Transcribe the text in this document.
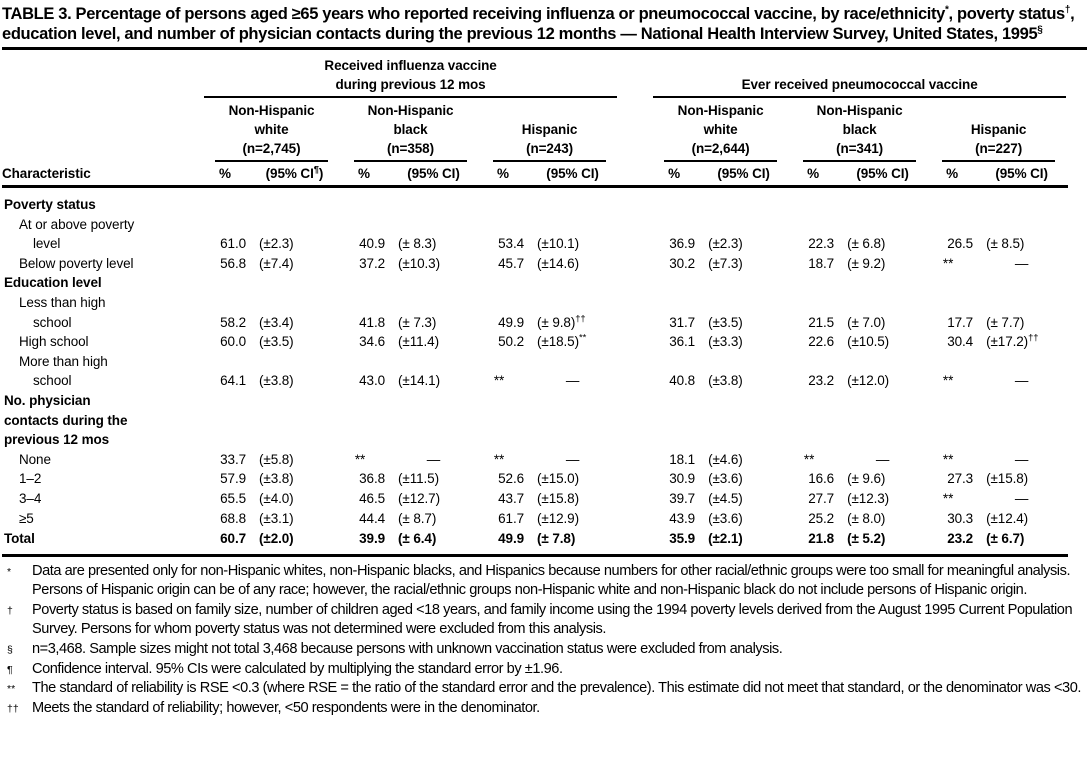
TABLE 3. Percentage of persons aged ≥65 years who reported receiving influenza or pneumococcal vaccine, by race/ethnicity*, poverty status†, education level, and number of physician contacts during the previous 12 months — National Health Interview Survey, United States, 1995§

	Received influenza vaccine
during previous 12 mos							Ever received pneumococcal vaccine					

Non-Hispanic
white
(n=2,745)

Non-Hispanic
black
(n=358)

Hispanic
(n=243)

Non-Hispanic
white
(n=2,644)

Non-Hispanic
black
(n=341)

Hispanic
(n=227)

Characteristic	%	(95% CI¶)	%	(95% CI)	%	(95% CI)		%	(95% CI)	%	(95% CI)	%	(95% CI)

Poverty status													

At or above poverty
level	61.0	(±2.3)	40.9	(± 8.3)	53.4	(±10.1)		36.9	(±2.3)	22.3	(± 6.8)	26.5	(± 8.5)

Below poverty level	56.8	(±7.4)	37.2	(±10.3)	45.7	(±14.6)		30.2	(±7.3)	18.7	(± 9.2)	**	—

Education level													

Less than high
school	58.2	(±3.4)	41.8	(± 7.3)	49.9	(± 9.8)††		31.7	(±3.5)	21.5	(± 7.0)	17.7	(± 7.7)

High school	60.0	(±3.5)	34.6	(±11.4)	50.2	(±18.5)**		36.1	(±3.3)	22.6	(±10.5)	30.4	(±17.2)††

More than high
school	64.1	(±3.8)	43.0	(±14.1)	**	—		40.8	(±3.8)	23.2	(±12.0)	**	—

No. physician
contacts during the
previous 12 mos													

None	33.7	(±5.8)	**	—	**	—		18.1	(±4.6)	**	—	**	—

1–2	57.9	(±3.8)	36.8	(±11.5)	52.6	(±15.0)		30.9	(±3.6)	16.6	(± 9.6)	27.3	(±15.8)

3–4	65.5	(±4.0)	46.5	(±12.7)	43.7	(±15.8)		39.7	(±4.5)	27.7	(±12.3)	**	—

≥5	68.8	(±3.1)	44.4	(± 8.7)	61.7	(±12.9)		43.9	(±3.6)	25.2	(± 8.0)	30.3	(±12.4)

Total	60.7	(±2.0)	39.9	(± 6.4)	49.9	(± 7.8)		35.9	(±2.1)	21.8	(± 5.2)	23.2	(± 6.7)
* Data are presented only for non-Hispanic whites, non-Hispanic blacks, and Hispanics because numbers for other racial/ethnic groups were too small for meaningful analysis. Persons of Hispanic origin can be of any race; however, the racial/ethnic groups non-Hispanic white and non-Hispanic black do not include persons of Hispanic origin.
† Poverty status is based on family size, number of children aged <18 years, and family income using the 1994 poverty levels derived from the August 1995 Current Population Survey. Persons for whom poverty status was not determined were excluded from this analysis.
§ n=3,468. Sample sizes might not total 3,468 because persons with unknown vaccination status were excluded from analysis.
¶ Confidence interval. 95% CIs were calculated by multiplying the standard error by ±1.96.
** The standard of reliability is RSE <0.3 (where RSE = the ratio of the standard error and the prevalence). This estimate did not meet that standard, or the denominator was <30.
†† Meets the standard of reliability; however, <50 respondents were in the denominator.
